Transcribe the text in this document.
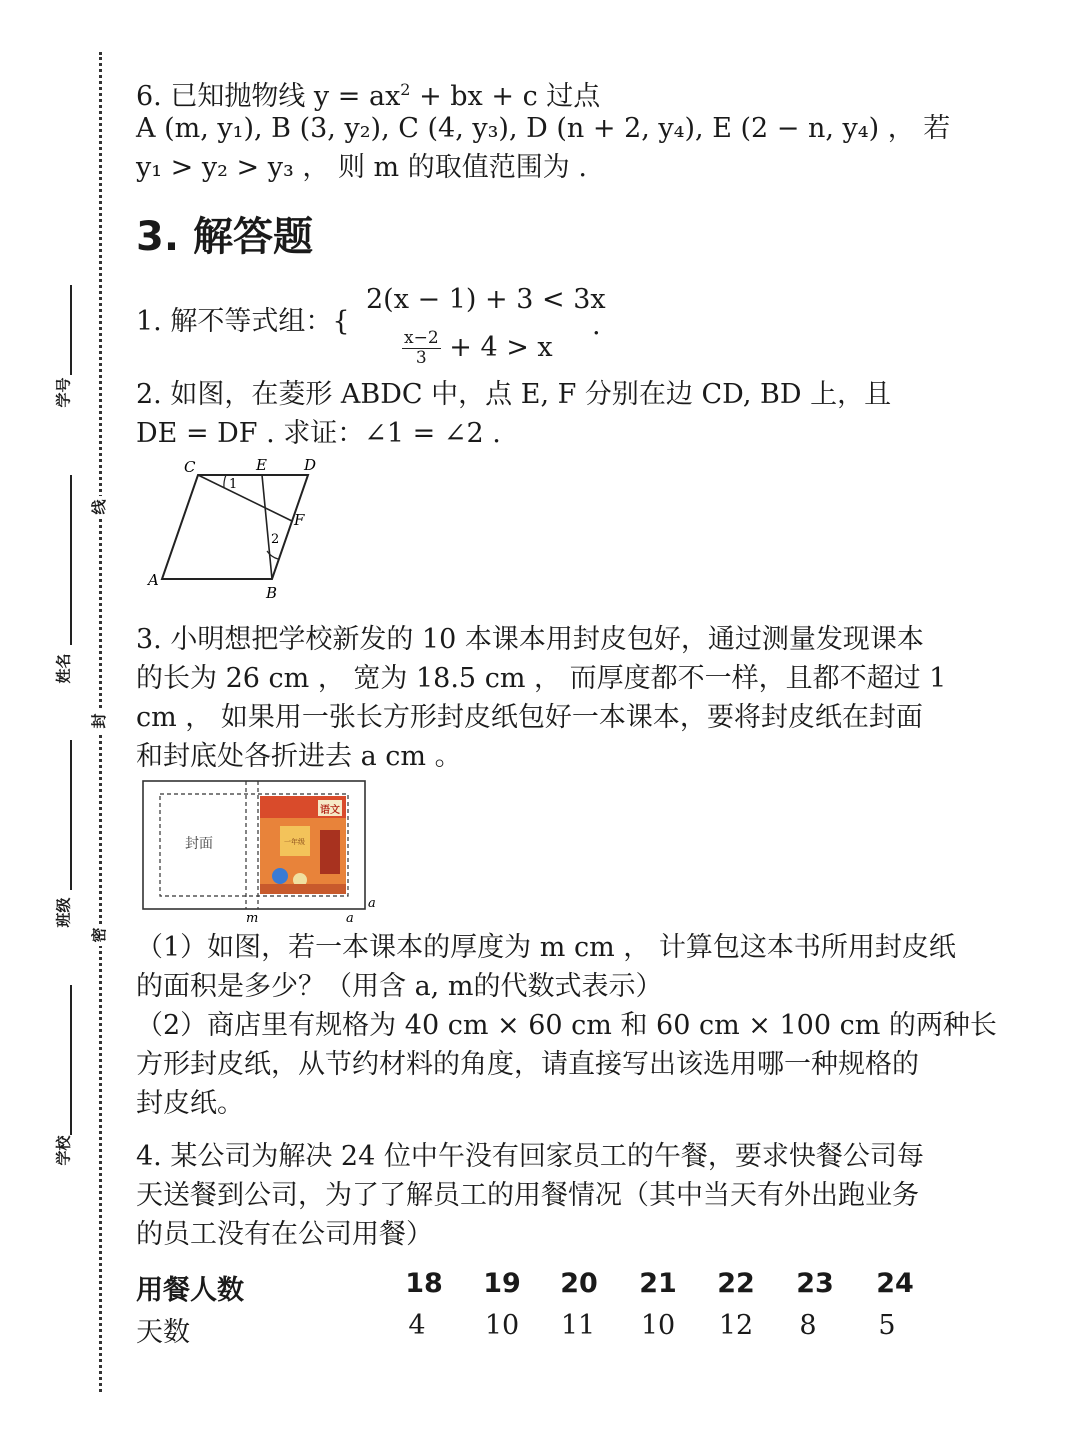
线
封
密
学号
姓名
班级
学校
6. 已知抛物线 $y = ax^2$ + bx + c 过点
A (m, y₁), B (3, y₂), C (4, y₃), D (n + 2, y₄), E (2 − n, y₄) ， 若
y₁ > y₂ > y₃ ， 则 m 的取值范围为 .
3. 解答题
1. 解不等式组：{
2(x − 1) + 3 < 3x
$\frac{x-2}{3} + 4 > x$
.
2. 如图，在菱形 ABDC 中，点 E, F 分别在边 CD, BD 上，且
DE = DF . 求证：∠1 = ∠2 .
3. 小明想把学校新发的 10 本课本用封皮包好，通过测量发现课本
的长为 26 cm ， 宽为 18.5 cm ， 而厚度都不一样，且都不超过 1
cm ， 如果用一张长方形封皮纸包好一本课本，要将封皮纸在封面
和封底处各折进去 a cm 。
（1）如图，若一本课本的厚度为 m cm ， 计算包这本书所用封皮纸
的面积是多少？（用含 a, m的代数式表示）
（2）商店里有规格为 40 cm × 60 cm 和 60 cm × 100 cm 的两种长
方形封皮纸，从节约材料的角度，请直接写出该选用哪一种规格的
封皮纸。
4. 某公司为解决 24 位中午没有回家员工的午餐，要求快餐公司每
天送餐到公司，为了了解员工的用餐情况（其中当天有外出跑业务
的员工没有在公司用餐）
C	E D
F
A
B
1
2
封面
语文
一年级
m	a
a
用餐人数	18	19	20	21	22	23	24
天数	4	10	11	10	12	8	5
